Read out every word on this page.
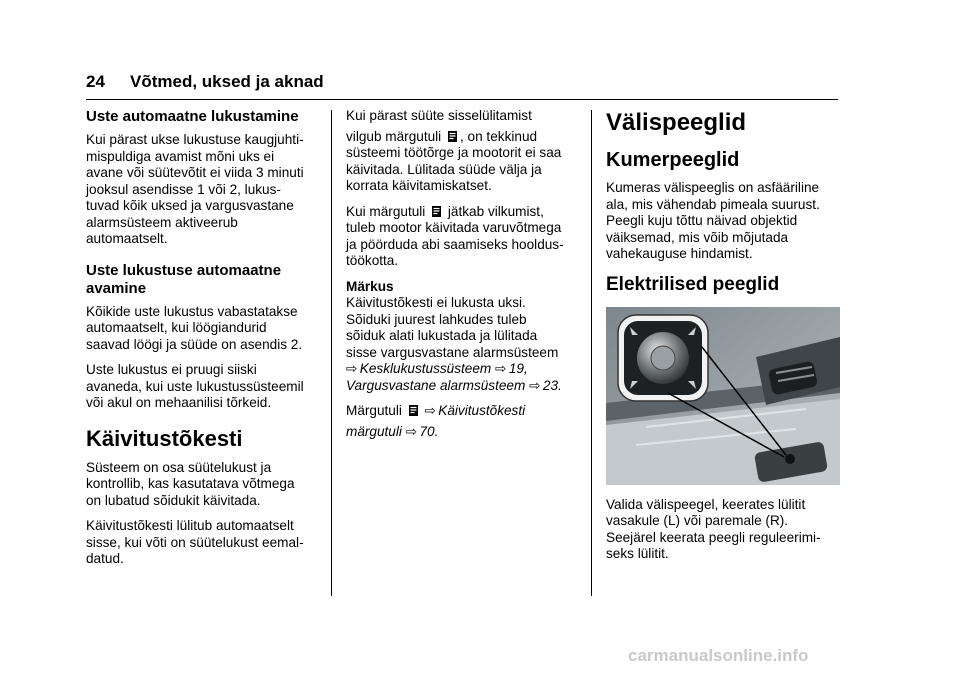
24 Võtmed, uksed ja aknad
Uste automaatne lukustamine
Kui pärast ukse lukustuse kaugjuhti-
mispuldiga avamist mõni uks ei
avane või süütevõtit ei viida 3 minuti
jooksul asendisse 1 või 2, lukus-
tuvad kõik uksed ja vargusvastane
alarmsüsteem aktiveerub
automaatselt.
Uste lukustuse automaatne
avamine
Kõikide uste lukustus vabastatakse
automaatselt, kui löögiandurid
saavad löögi ja süüde on asendis 2.
Uste lukustus ei pruugi siiski
avaneda, kui uste lukustussüsteemil
või akul on mehaanilisi tõrkeid.
Käivitustõkesti
Süsteem on osa süütelukust ja
kontrollib, kas kasutatava võtmega
on lubatud sõidukit käivitada.
Käivitustõkesti lülitub automaatselt
sisse, kui võti on süütelukust eemal-
datud.
Kui pärast süüte sisselülitamist
vilgub märgutuli , on tekkinud
süsteemi töötõrge ja mootorit ei saa
käivitada. Lülitada süüde välja ja
korrata käivitamiskatset.
Kui märgutuli jätkab vilkumist,
tuleb mootor käivitada varuvõtmega
ja pöörduda abi saamiseks hooldus-
töökotta.
Märkus
Käivitustõkesti ei lukusta uksi.
Sõiduki juurest lahkudes tuleb
sõiduk alati lukustada ja lülitada
sisse vargusvastane alarmsüsteem
⇨ Kesklukustussüsteem ⇨ 19,
Vargusvastane alarmsüsteem ⇨ 23.
Märgutuli ⇨ Käivitustõkesti
märgutuli ⇨ 70.
Välispeeglid
Kumerpeeglid
Kumeras välispeeglis on asfääriline
ala, mis vähendab pimeala suurust.
Peegli kuju tõttu näivad objektid
väiksemad, mis võib mõjutada
vahekauguse hindamist.
Elektrilised peeglid
Valida välispeegel, keerates lülitit
vasakule (L) või paremale (R).
Seejärel keerata peegli reguleerimi-
seks lülitit.
carmanualsonline.info
